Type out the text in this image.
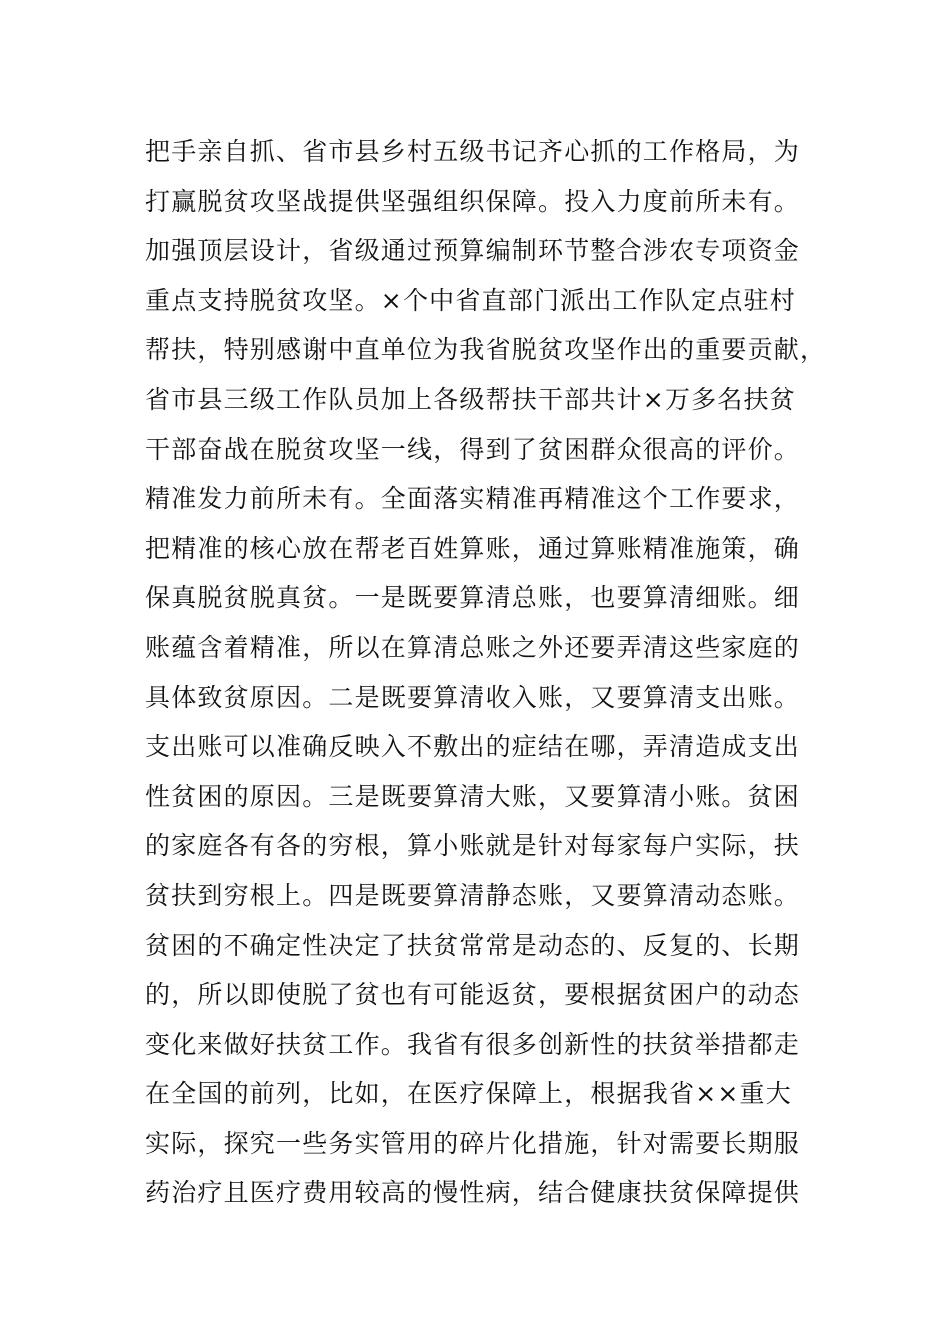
把手亲自抓、省市县乡村五级书记齐心抓的工作格局，为
打赢脱贫攻坚战提供坚强组织保障。投入力度前所未有。
加强顶层设计，省级通过预算编制环节整合涉农专项资金
重点支持脱贫攻坚。×个中省直部门派出工作队定点驻村
帮扶，特别感谢中直单位为我省脱贫攻坚作出的重要贡献，
省市县三级工作队员加上各级帮扶干部共计×万多名扶贫
干部奋战在脱贫攻坚一线，得到了贫困群众很高的评价。
精准发力前所未有。全面落实精准再精准这个工作要求，
把精准的核心放在帮老百姓算账，通过算账精准施策，确
保真脱贫脱真贫。一是既要算清总账，也要算清细账。细
账蕴含着精准，所以在算清总账之外还要弄清这些家庭的
具体致贫原因。二是既要算清收入账，又要算清支出账。
支出账可以准确反映入不敷出的症结在哪，弄清造成支出
性贫困的原因。三是既要算清大账，又要算清小账。贫困
的家庭各有各的穷根，算小账就是针对每家每户实际，扶
贫扶到穷根上。四是既要算清静态账，又要算清动态账。
贫困的不确定性决定了扶贫常常是动态的、反复的、长期
的，所以即使脱了贫也有可能返贫，要根据贫困户的动态
变化来做好扶贫工作。我省有很多创新性的扶贫举措都走
在全国的前列，比如，在医疗保障上，根据我省××重大
实际，探究一些务实管用的碎片化措施，针对需要长期服
药治疗且医疗费用较高的慢性病，结合健康扶贫保障提供
